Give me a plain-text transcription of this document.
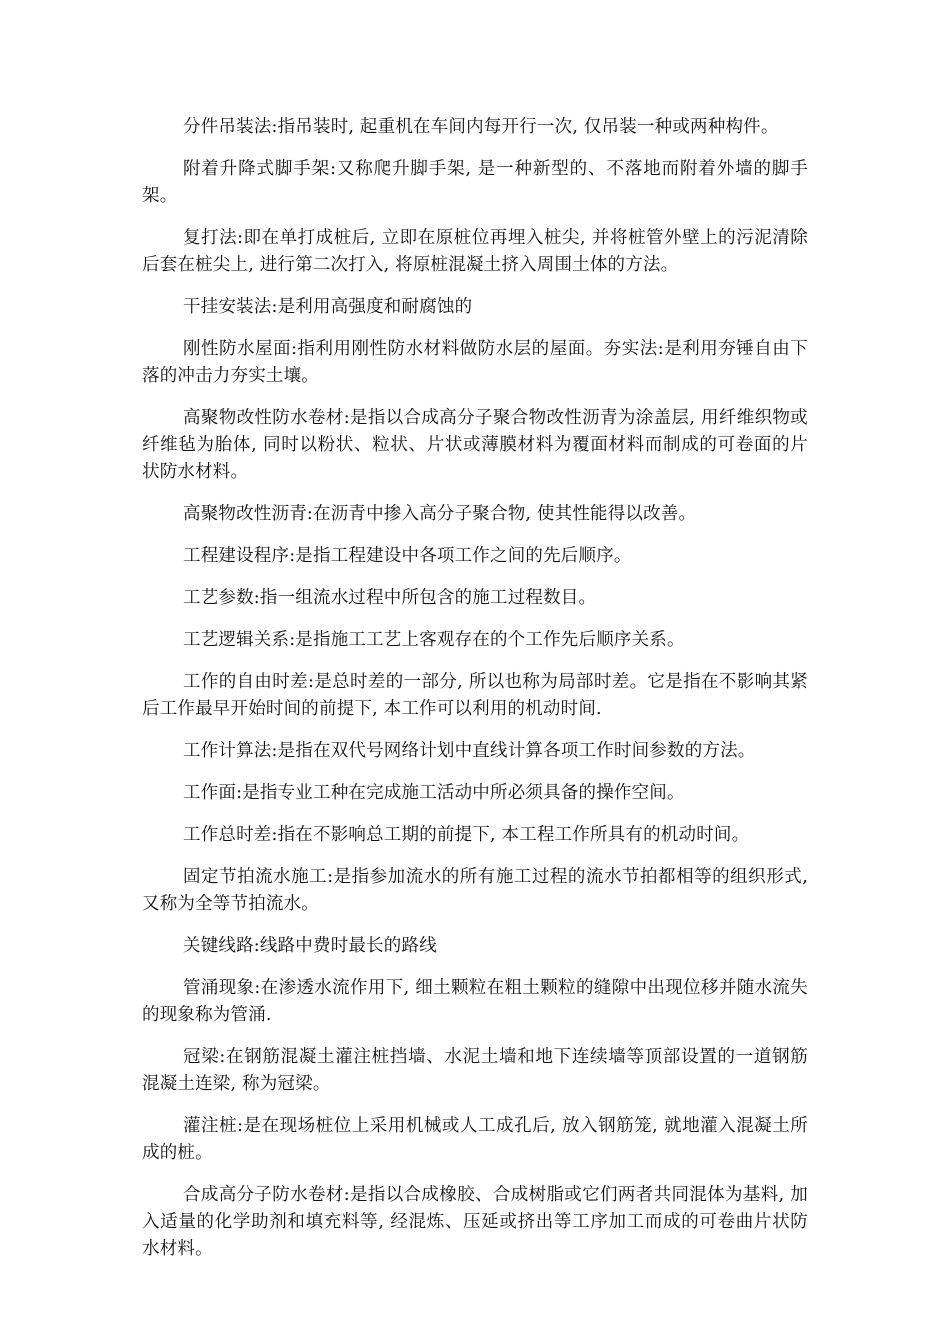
分件吊装法:指吊装时, 起重机在车间内每开行一次, 仅吊装一种或两种构件。

附着升降式脚手架:又称爬升脚手架, 是一种新型的、不落地而附着外墙的脚手架。

复打法:即在单打成桩后, 立即在原桩位再埋入桩尖, 并将桩管外壁上的污泥清除后套在桩尖上, 进行第二次打入, 将原桩混凝土挤入周围土体的方法。

干挂安装法:是利用高强度和耐腐蚀的

刚性防水屋面:指利用刚性防水材料做防水层的屋面。夯实法:是利用夯锤自由下落的冲击力夯实土壤。

高聚物改性防水卷材:是指以合成高分子聚合物改性沥青为涂盖层, 用纤维织物或纤维毡为胎体, 同时以粉状、粒状、片状或薄膜材料为覆面材料而制成的可卷面的片状防水材料。

高聚物改性沥青:在沥青中掺入高分子聚合物, 使其性能得以改善。

工程建设程序:是指工程建设中各项工作之间的先后顺序。

工艺参数:指一组流水过程中所包含的施工过程数目。

工艺逻辑关系:是指施工工艺上客观存在的个工作先后顺序关系。

工作的自由时差:是总时差的一部分, 所以也称为局部时差。它是指在不影响其紧后工作最早开始时间的前提下, 本工作可以利用的机动时间.

工作计算法:是指在双代号网络计划中直线计算各项工作时间参数的方法。

工作面:是指专业工种在完成施工活动中所必须具备的操作空间。

工作总时差:指在不影响总工期的前提下, 本工程工作所具有的机动时间。

固定节拍流水施工:是指参加流水的所有施工过程的流水节拍都相等的组织形式, 又称为全等节拍流水。

关键线路:线路中费时最长的路线

管涌现象:在渗透水流作用下, 细土颗粒在粗土颗粒的缝隙中出现位移并随水流失的现象称为管涌.

冠梁:在钢筋混凝土灌注桩挡墙、水泥土墙和地下连续墙等顶部设置的一道钢筋混凝土连梁, 称为冠梁。

灌注桩:是在现场桩位上采用机械或人工成孔后, 放入钢筋笼, 就地灌入混凝土所成的桩。

合成高分子防水卷材:是指以合成橡胶、合成树脂或它们两者共同混体为基料, 加入适量的化学助剂和填充料等, 经混炼、压延或挤出等工序加工而成的可卷曲片状防水材料。
